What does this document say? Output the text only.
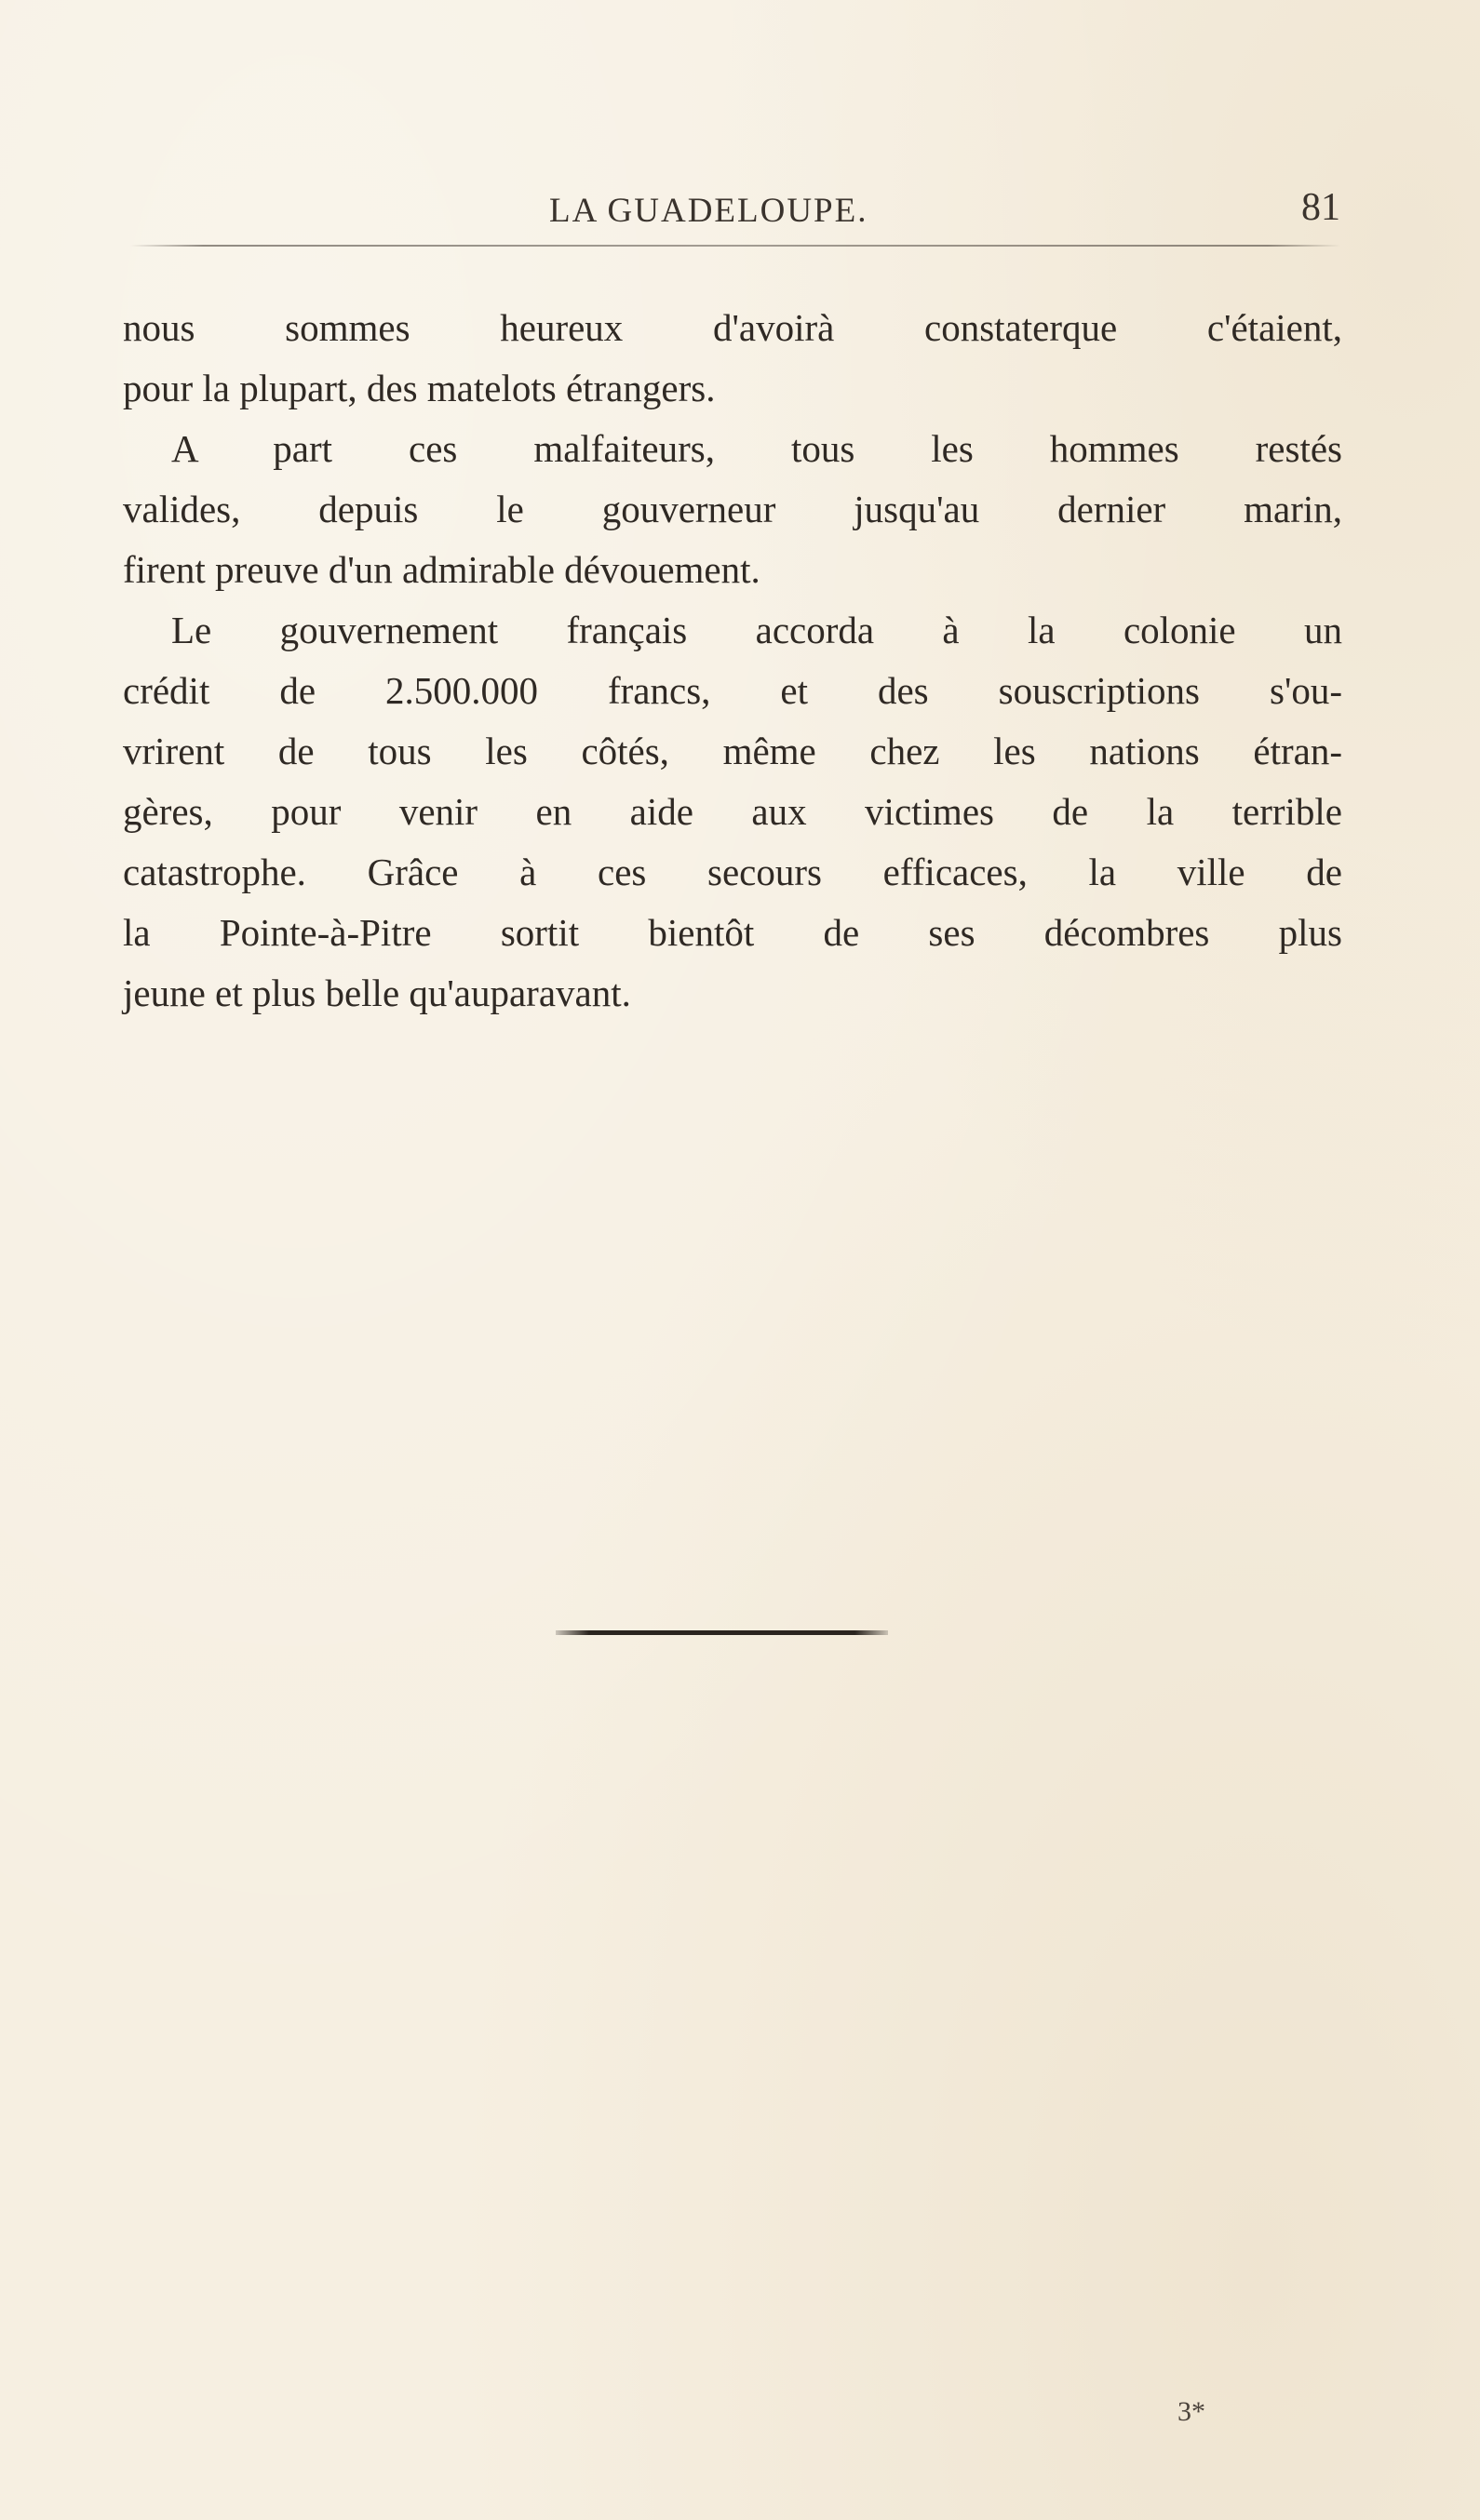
LA GUADELOUPE.	81
nous sommes heureux d'avoirà constaterque c'étaient,
pour la plupart, des matelots étrangers.
A part ces malfaiteurs, tous les hommes restés
valides, depuis le gouverneur jusqu'au dernier marin,
firent preuve d'un admirable dévouement.
Le gouvernement français accorda à la colonie un
crédit de 2.500.000 francs, et des souscriptions s'ou-
vrirent de tous les côtés, même chez les nations étran-
gères, pour venir en aide aux victimes de la terrible
catastrophe. Grâce à ces secours efficaces, la ville de
la Pointe-à-Pitre sortit bientôt de ses décombres plus
jeune et plus belle qu'auparavant.
3*
